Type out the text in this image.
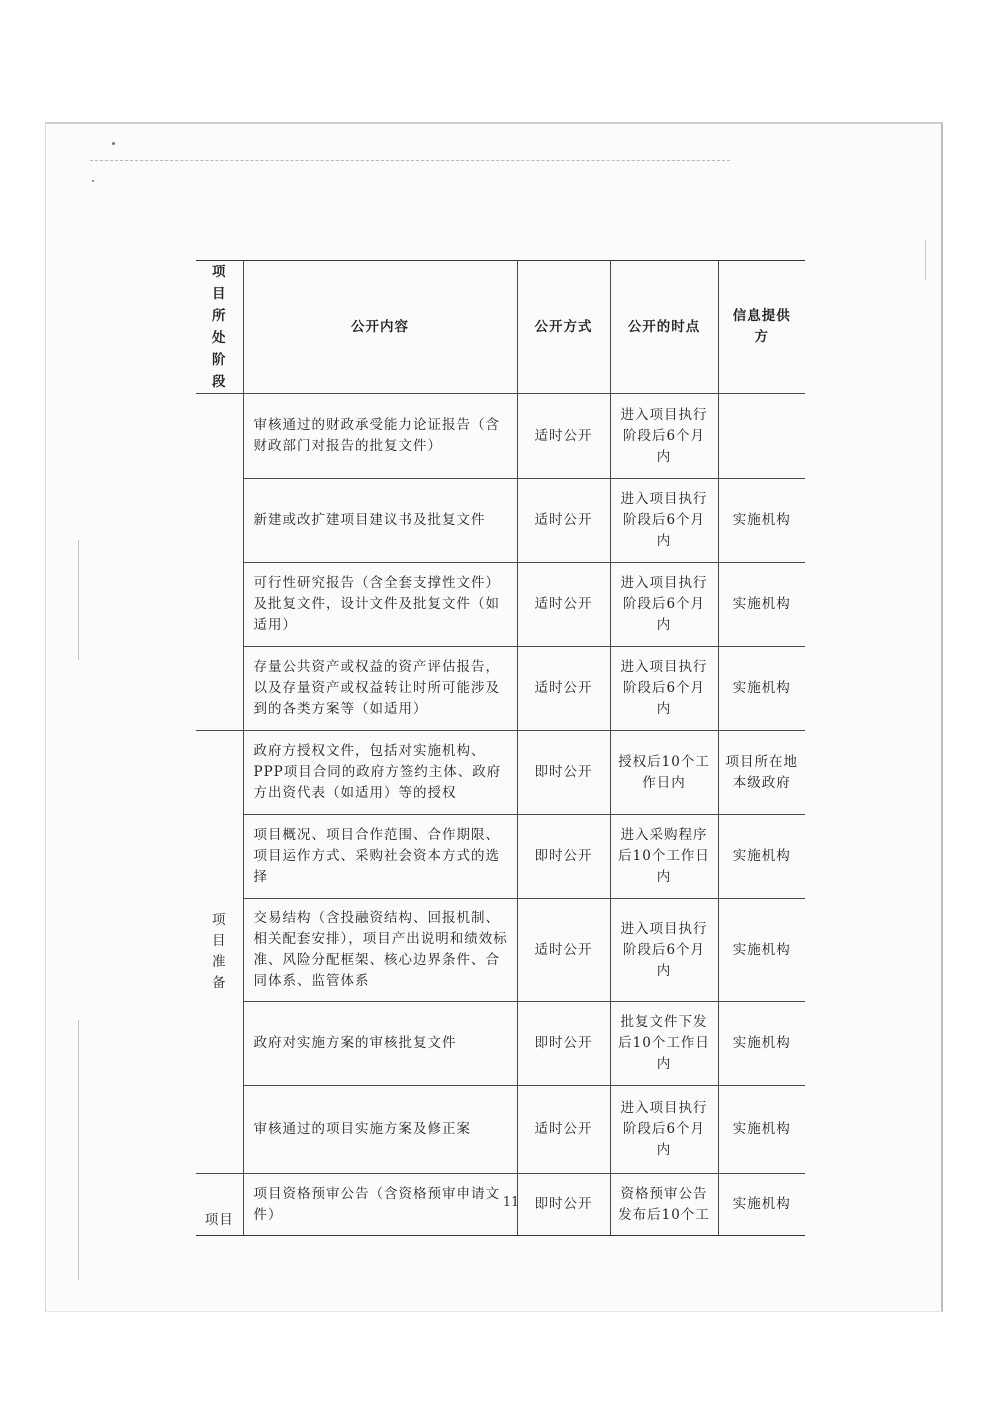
项目所处阶段	公开内容	公开方式	公开的时点	信息提供方
	审核通过的财政承受能力论证报告（含财政部门对报告的批复文件）	适时公开	进入项目执行阶段后6个月内	
	新建或改扩建项目建议书及批复文件	适时公开	进入项目执行阶段后6个月内	实施机构
	可行性研究报告（含全套支撑性文件）及批复文件，设计文件及批复文件（如适用）	适时公开	进入项目执行阶段后6个月内	实施机构
	存量公共资产或权益的资产评估报告，以及存量资产或权益转让时所可能涉及到的各类方案等（如适用）	适时公开	进入项目执行阶段后6个月内	实施机构
项目准备	政府方授权文件，包括对实施机构、PPP项目合同的政府方签约主体、政府方出资代表（如适用）等的授权	即时公开	授权后10个工作日内	项目所在地本级政府
	项目概况、项目合作范围、合作期限、项目运作方式、采购社会资本方式的选择	即时公开	进入采购程序后10个工作日内	实施机构
	交易结构（含投融资结构、回报机制、相关配套安排），项目产出说明和绩效标准、风险分配框架、核心边界条件、合同体系、监管体系	适时公开	进入项目执行阶段后6个月内	实施机构
	政府对实施方案的审核批复文件	即时公开	批复文件下发后10个工作日内	实施机构
	审核通过的项目实施方案及修正案	适时公开	进入项目执行阶段后6个月内	实施机构
项目	项目资格预审公告（含资格预审申请文件）	即时公开	资格预审公告发布后10个工	实施机构
11
